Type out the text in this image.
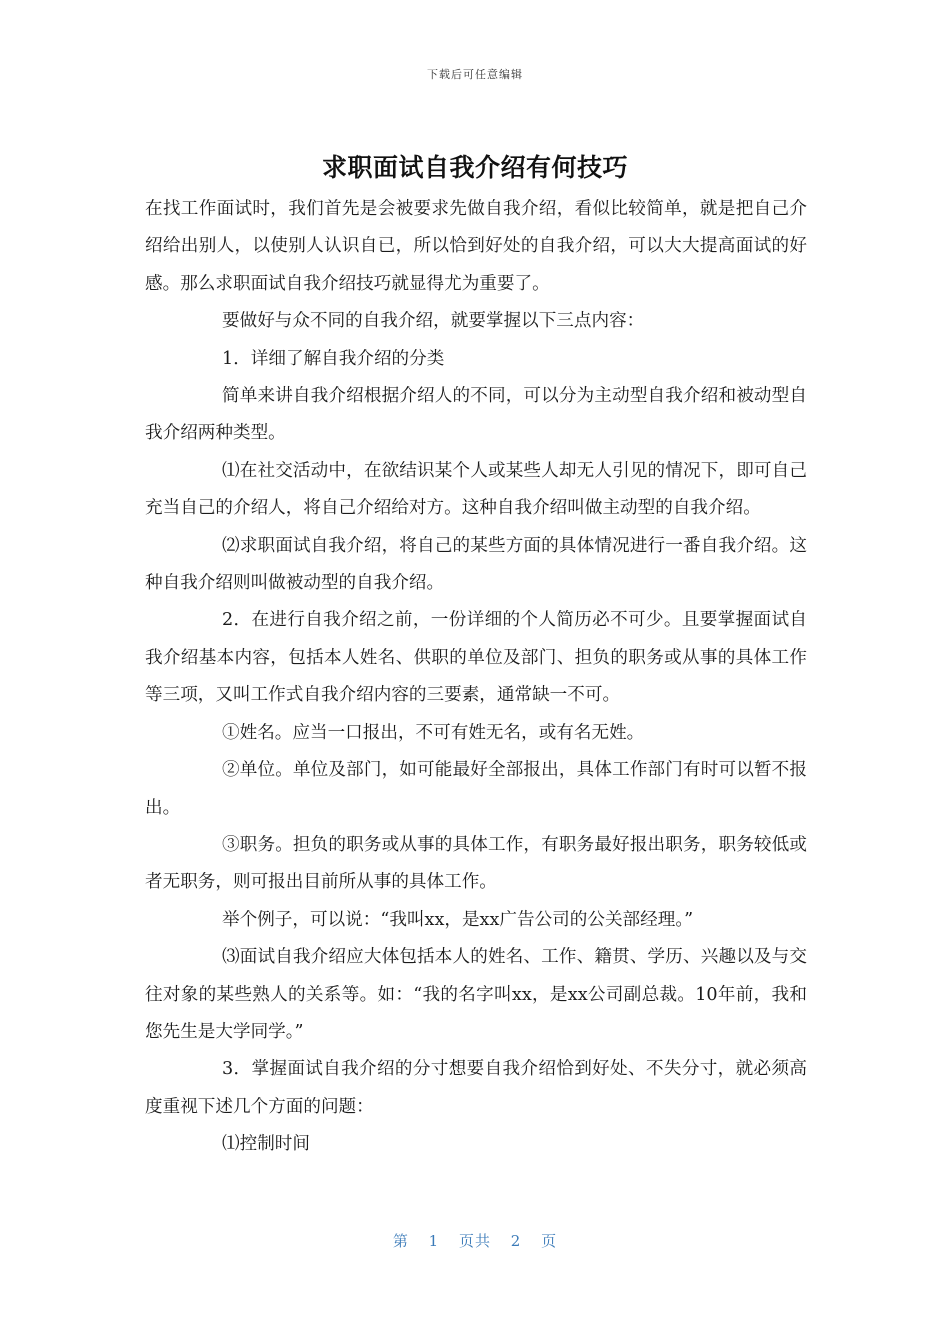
下载后可任意编辑
求职面试自我介绍有何技巧

在找工作面试时，我们首先是会被要求先做自我介绍，看似比较简单，就是把自己介绍给出别人，以使别人认识自已，所以恰到好处的自我介绍，可以大大提高面试的好感。那么求职面试自我介绍技巧就显得尤为重要了。

要做好与众不同的自我介绍，就要掌握以下三点内容：

1．详细了解自我介绍的分类

简单来讲自我介绍根据介绍人的不同，可以分为主动型自我介绍和被动型自我介绍两种类型。

⑴在社交活动中，在欲结识某个人或某些人却无人引见的情况下，即可自己充当自己的介绍人，将自己介绍给对方。这种自我介绍叫做主动型的自我介绍。

⑵求职面试自我介绍，将自己的某些方面的具体情况进行一番自我介绍。这种自我介绍则叫做被动型的自我介绍。

2．在进行自我介绍之前，一份详细的个人简历必不可少。且要掌握面试自我介绍基本内容，包括本人姓名、供职的单位及部门、担负的职务或从事的具体工作等三项，又叫工作式自我介绍内容的三要素，通常缺一不可。

①姓名。应当一口报出，不可有姓无名，或有名无姓。

②单位。单位及部门，如可能最好全部报出，具体工作部门有时可以暂不报出。

③职务。担负的职务或从事的具体工作，有职务最好报出职务，职务较低或者无职务，则可报出目前所从事的具体工作。

举个例子，可以说：“我叫xx，是xx广告公司的公关部经理。”

⑶面试自我介绍应大体包括本人的姓名、工作、籍贯、学历、兴趣以及与交往对象的某些熟人的关系等。如：“我的名字叫xx，是xx公司副总裁。10年前，我和您先生是大学同学。”

3．掌握面试自我介绍的分寸想要自我介绍恰到好处、不失分寸，就必须高度重视下述几个方面的问题：

⑴控制时间

第 1 页共 2 页
